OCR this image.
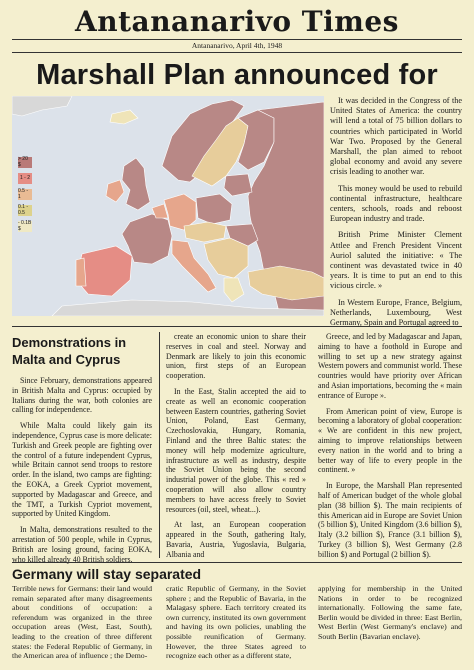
Antananarivo Times
Antananarivo, April 4th, 1948
Marshall Plan announced for
> 20 $
1 - 2
0.5 - 1
0.1 - 0.5
- 0.1B $

It was decided in the Congress of the United States of America: the country will lend a total of 75 billion dollars to countries which participated in World War Two. Proposed by the General Marshall, the plan aimed to reboot global economy and avoid any severe crisis leading to another war.

This money would be used to rebuild continental infrastructure, healthcare centers, schools, roads and reboost European industry and trade.

British Prime Minister Clement Attlee and French President Vincent Auriol saluted the initiative: « The continent was devastated twice in 40 years. It is time to put an end to this vicious circle. »

In Western Europe, France, Belgium, Netherlands, Luxembourg, West Germany, Spain and Portugal agreed to

Demonstrations in
Malta and Cyprus

Since February, demonstrations appeared in British Malta and Cyprus: occupied by Italians during the war, both colonies are calling for independence.

While Malta could likely gain its independence, Cyprus case is more delicate: Turkish and Greek people are fighting over the control of a future independent Cyprus, while Britain cannot send troops to restore order. In the island, two camps are fighting: the EOKA, a Greek Cypriot movement, supported by Madagascar and Greece, and the TMT, a Turkish Cypriot movement, supported by United Kingdom.

In Malta, demonstrations resulted to the arrestation of 500 people, while in Cyprus, British are losing ground, facing EOKA, who killed already 40 British soldiers.

create an economic union to share their reserves in coal and steel. Norway and Denmark are likely to join this economic union, first steps of an European cooperation.

In the East, Stalin accepted the aid to create as well an economic cooperation between Eastern countries, gathering Soviet Union, Poland, East Germany, Czechoslovakia, Hungary, Romania, Finland and the three Baltic states: the money will help modernize agriculture, infrastructure as well as industry, despite the Soviet Union being the second industrial power of the globe. This « red » cooperation will also allow country members to have access freely to Soviet resources (oil, steel, wheat...).

At last, an European cooperation appeared in the South, gathering Italy, Bavaria, Austria, Yugoslavia, Bulgaria, Albania and

Greece, and led by Madagascar and Japan, aiming to have a foothold in Europe and willing to set up a new strategy against Western powers and communist world. These countries would have priority over African and Asian importations, becoming the « main entrance of Europe ».

From American point of view, Europe is becoming a laboratory of global cooperation: « We are confident in this new project, aiming to improve relationships between every nation in the world and to bring a better way of life to every people in the continent. »

In Europe, the Marshall Plan represented half of American budget of the whole global plan (38 billion $). The main recipients of this American aid in Europe are Soviet Union (5 billion $), United Kingdom (3.6 billion $), Italy (3.2 billion $), France (3.1 billion $), Turkey (3 billion $), West Germany (2.8 billion $) and Portugal (2 billion $).

Germany will stay separated
Terrible news for Germans: their land would remain separated after many disagreements about conditions of occupation: a referendum was organized in the three occupation areas (West, East, South), leading to the creation of three different states: the Federal Republic of Germany, in the American area of influence ; the Demo-
cratic Republic of Germany, in the Soviet sphere ; and the Republic of Bavaria, in the Malagasy sphere. Each territory created its own currency, instituted its own government and having its own policies, unabling the possible reunification of Germany. However, the three States agreed to recognize each other as a different state,
applying for membership in the United Nations in order to be recognized internationally. Following the same fate, Berlin would be divided in three: East Berlin, West Berlin (West Germany's enclave) and South Berlin (Bavarian enclave).
